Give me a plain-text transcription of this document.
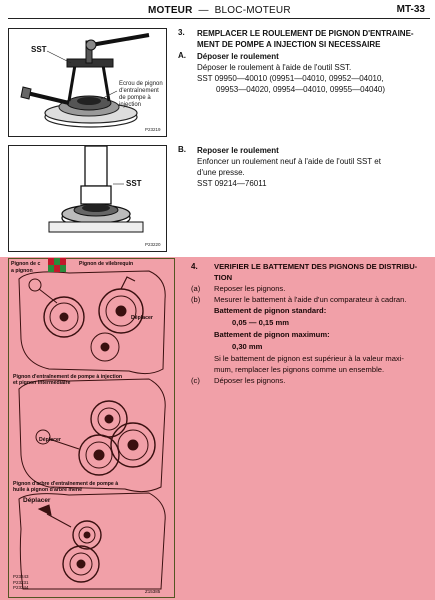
MOTEUR — BLOC-MOTEUR	MT-33
SST
Ecrou de pignon d'entraînement de pompe à injection
P23219
SST
P23220
3. REMPLACER LE ROULEMENT DE PIGNON D'ENTRAINE-
MENT DE POMPE A INJECTION SI NECESSAIRE
A. Déposer le roulement
Déposer le roulement à l'aide de l'outil SST.
SST 09950—40010 (09951—04010, 09952—04010,
09953—04020, 09954—04010, 09955—04040)
B. Reposer le roulement
Enfoncer un roulement neuf à l'aide de l'outil SST et
d'une presse.
SST 09214—76011
Pignon de c
a pignon
Pignon de vilebrequin
Déplacer
Pignon d'entraînement de pompe à injection et pignon intermédiaire
Déplacer
Pignon d'arbre d'entraînement de pompe à huile à pignon d'arbre mené
Déplacer
P23243
P23231
P23244
Z15385
4. VERIFIER LE BATTEMENT DES PIGNONS DE DISTRIBU-
TION
(a) Reposer les pignons.
(b) Mesurer le battement à l'aide d'un comparateur à cadran.
Battement de pignon standard:
0,05 — 0,15 mm
Battement de pignon maximum:
0,30 mm
Si le battement de pignon est supérieur à la valeur maxi-
mum, remplacer les pignons comme un ensemble.
(c) Déposer les pignons.
